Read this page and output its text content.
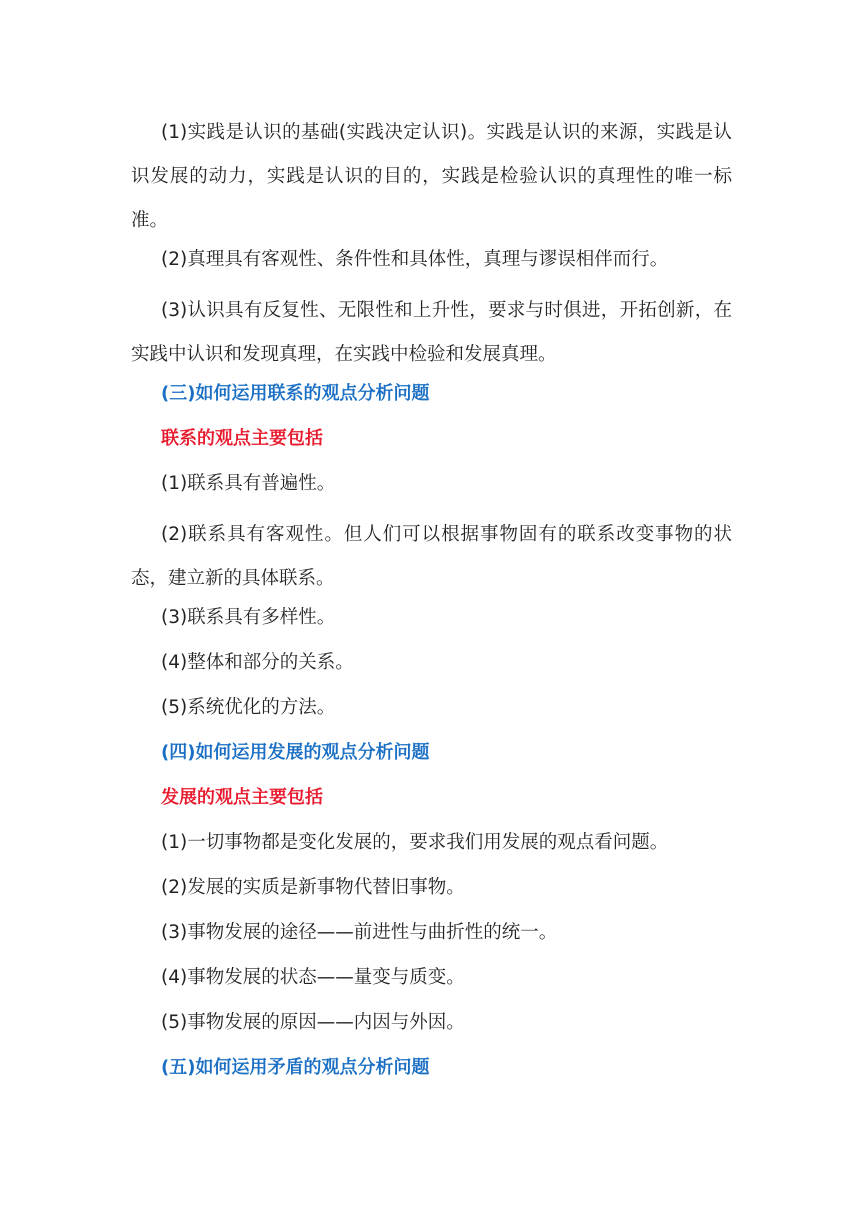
(1)实践是认识的基础(实践决定认识)。实践是认识的来源，实践是认识发展的动力，实践是认识的目的，实践是检验认识的真理性的唯一标准。

(2)真理具有客观性、条件性和具体性，真理与谬误相伴而行。

(3)认识具有反复性、无限性和上升性，要求与时俱进，开拓创新，在实践中认识和发现真理，在实践中检验和发展真理。

(三)如何运用联系的观点分析问题
联系的观点主要包括

(1)联系具有普遍性。

(2)联系具有客观性。但人们可以根据事物固有的联系改变事物的状态，建立新的具体联系。

(3)联系具有多样性。

(4)整体和部分的关系。

(5)系统优化的方法。

(四)如何运用发展的观点分析问题
发展的观点主要包括

(1)一切事物都是变化发展的，要求我们用发展的观点看问题。

(2)发展的实质是新事物代替旧事物。

(3)事物发展的途径——前进性与曲折性的统一。

(4)事物发展的状态——量变与质变。

(5)事物发展的原因——内因与外因。

(五)如何运用矛盾的观点分析问题
